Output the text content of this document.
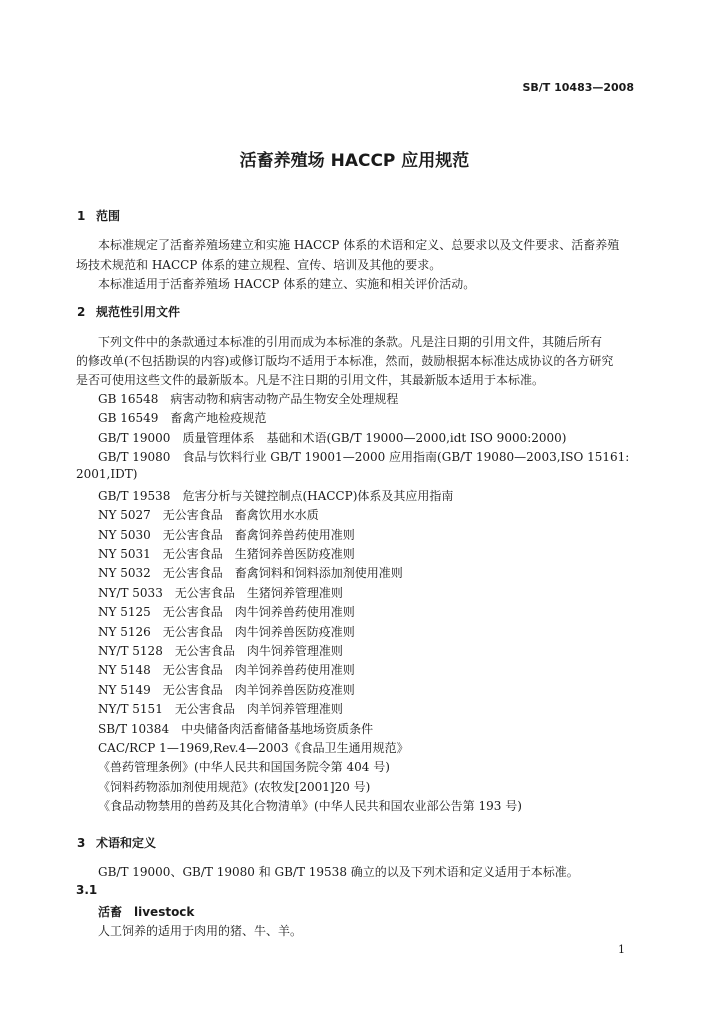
SB/T 10483—2008
活畜养殖场 HACCP 应用规范
1 范围
本标准规定了活畜养殖场建立和实施 HACCP 体系的术语和定义、总要求以及文件要求、活畜养殖
场技术规范和 HACCP 体系的建立规程、宣传、培训及其他的要求。
本标准适用于活畜养殖场 HACCP 体系的建立、实施和相关评价活动。
2 规范性引用文件
下列文件中的条款通过本标准的引用而成为本标准的条款。凡是注日期的引用文件，其随后所有
的修改单(不包括勘误的内容)或修订版均不适用于本标准，然而，鼓励根据本标准达成协议的各方研究
是否可使用这些文件的最新版本。凡是不注日期的引用文件，其最新版本适用于本标准。
GB 16548　病害动物和病害动物产品生物安全处理规程
GB 16549　畜禽产地检疫规范
GB/T 19000　质量管理体系　基础和术语(GB/T 19000—2000,idt ISO 9000:2000)
GB/T 19080　食品与饮料行业 GB/T 19001—2000 应用指南(GB/T 19080—2003,ISO 15161:
2001,IDT)
GB/T 19538　危害分析与关键控制点(HACCP)体系及其应用指南
NY 5027　无公害食品　畜禽饮用水水质
NY 5030　无公害食品　畜禽饲养兽药使用准则
NY 5031　无公害食品　生猪饲养兽医防疫准则
NY 5032　无公害食品　畜禽饲料和饲料添加剂使用准则
NY/T 5033　无公害食品　生猪饲养管理准则
NY 5125　无公害食品　肉牛饲养兽药使用准则
NY 5126　无公害食品　肉牛饲养兽医防疫准则
NY/T 5128　无公害食品　肉牛饲养管理准则
NY 5148　无公害食品　肉羊饲养兽药使用准则
NY 5149　无公害食品　肉羊饲养兽医防疫准则
NY/T 5151　无公害食品　肉羊饲养管理准则
SB/T 10384　中央储备肉活畜储备基地场资质条件
CAC/RCP 1—1969,Rev.4—2003《食品卫生通用规范》
《兽药管理条例》(中华人民共和国国务院令第 404 号)
《饲料药物添加剂使用规范》(农牧发[2001]20 号)
《食品动物禁用的兽药及其化合物清单》(中华人民共和国农业部公告第 193 号)
3 术语和定义
GB/T 19000、GB/T 19080 和 GB/T 19538 确立的以及下列术语和定义适用于本标准。
3.1
活畜　livestock
人工饲养的适用于肉用的猪、牛、羊。
1
